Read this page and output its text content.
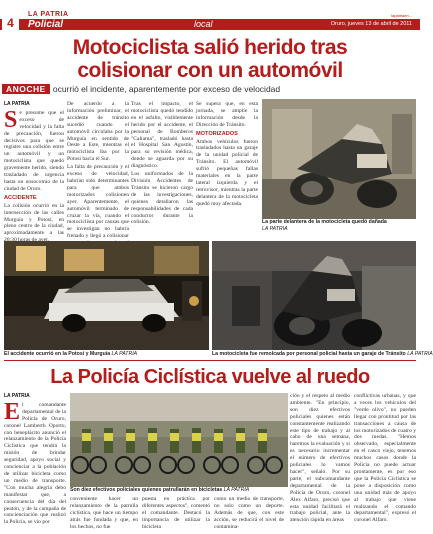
4
LA PATRIA
Policial	local
lapatriaen...
Oruro, jueves 13 de abril de 2011
Motociclista salió herido tras
colisionar con un automóvil
ANOCHE ocurrió el incidente, aparentemente por exceso de velocidad
LA PATRIA
S e presume que el exceso de velocidad y la falta de precaución, fueron decisivos para que se registre una colisión entre un automóvil y un motociclista que quedó gravemente herido, siendo trasladado de urgencia hasta un nosocomio de la ciudad de Oruro.

ACCIDENTE

La colisión ocurrió en la intersección de las calles Murguía y Potosí, en pleno centro de la ciudad, aproximadamente a las

De acuerdo a la información preliminar, el accidente de tránsito sucedió cuando el automóvil circulaba por la Murguía en sentido de Oeste a Este, mientras el motociclista iba por la Potosí hacia el Sur.

La falta de precaución y el exceso de velocidad, habrían sido determinantes para que ambos motorizados colisionen ayer. Aparentemente, el automóvil terminado de cruzar la vía, cuando el motociclista por causas que se investigan no habría frenado y llegó a colisionar

Tras el impacto, el motociclista quedó tendido en el asfalto, visiblemente herido por el accidente, el personal de Bomberos "Caliama", trasladó hasta el Hospital San Agustín, para su revisión médica, donde se aguarda por su diagnóstico.

Los uniformados de la División Accidentes de Tránsito se hicieron cargo de las investigaciones, quienes detallaron las responsabilidades de cada conductor durante la colisión.

Se supera que, en esta jornada, se amplíe la información desde la Dirección de Tránsito.

MOTORIZADOS

Ambos vehículos fueron trasladados hasta un garaje de la unidad policial de Tránsito. El automóvil sufrió pequeñas fallas materiales en la parte lateral izquierda y el retrovisor, mientras la parte delantera de la motocicleta quedó muy afectada.

La parte delantera de la motocicleta quedó dañada
LA PATRIA
El accidente ocurrió en la Potosí y Murguía LA PATRIA	La motocicleta fue remolcada por personal policial hasta un garaje de Tránsito LA PATRIA
La Policía Ciclística vuelve al ruedo
LA PATRIA
E l comandante departamental de la Policía de Oruro, coronel Lamberth Oporto, con beneplácito anunció el relanzamiento de la Policía Ciclística que tendrá la misión de brindar seguridad, apoyo social y concienciar a la población de utilizar bicicleta como un medio de transporte. "Con mucha alegría debo manifestar que, a consecuencia del día del peatón, y de la campaña de concienciación que realizó la Policía, se vio por

Son diez efectivos policiales quienes patrullarán en bicicletas LA PATRIA

conveniente hacer un relanzamiento de la patrulla ciclística, que hace un tiempo atrás fue fundada y que, en los hechos, no fue

puesta en práctica por diferentes aspectos", comentó el comandante. Destacó la importancia de utilizar la bicicleta

como un medio de transporte, no solo como un deporte. Además de que, con este acción, se reducirá el nivel de contamina-

ción y el respeto al medio ambiente. "En principio, son diez efectivos policiales quienes están constantemente realizando este tipo de trabajo y al cabo de una semana, haremos la evaluación y si es necesario incrementar el número de efectivos policiales lo vamos hacer", señaló. Por su parte, el subcomandante departamental de la Policía de Oruro, coronel Alex Alfaro, precisó que esta unidad facilitará el trabajo policial, ante la atención rápida en áreas

conflictivas urbanas, y que a veces los vehículos del "verde olivo", no pueden llegar con prontitud por las transacciones a causa de los motorizados de cuatro y dos ruedas. "Hemos observado, especialmente en el casco viejo, tenemos muchos casos donde la Policía no puede actuar prontamente, es por eso que la Policía Ciclística se pone a disposición como una unidad más de apoyo al trabajo que viene realizando el comando departamental", expresó el coronel Alfaro.
